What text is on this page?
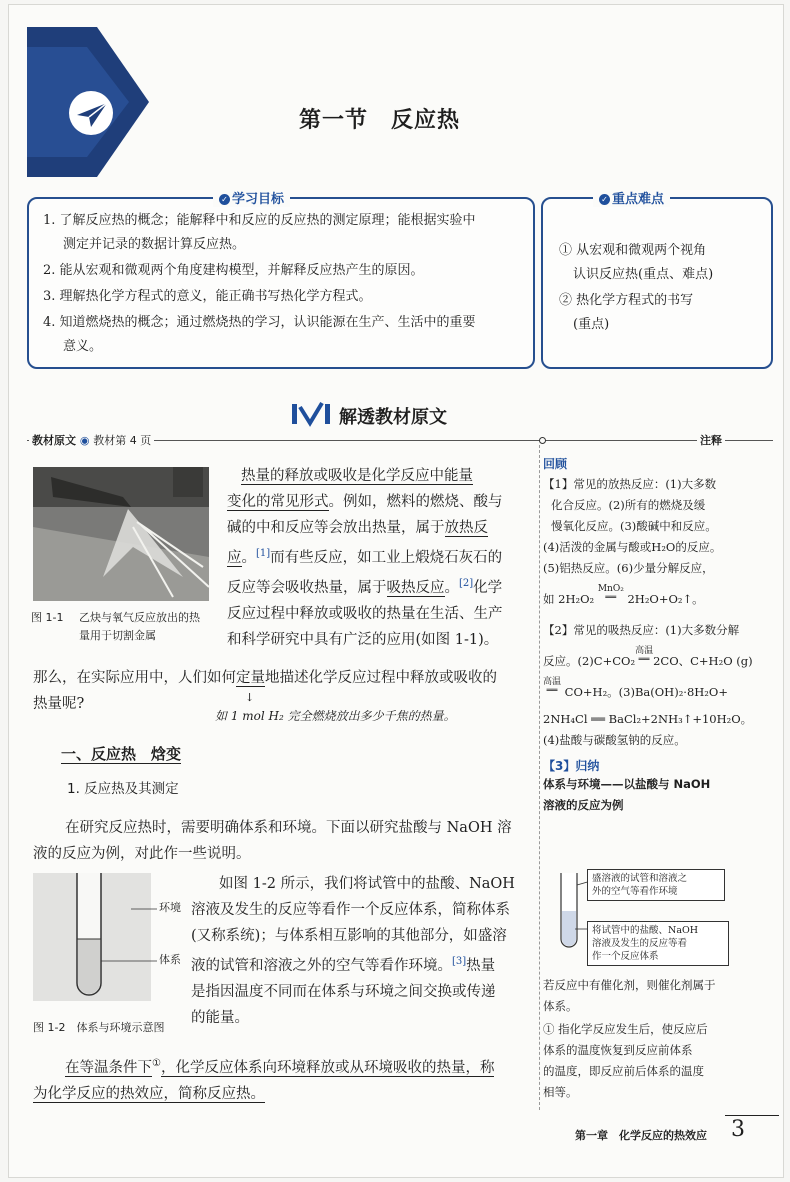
第一节　反应热
✓ 学习目标
1. 了解反应热的概念；能解释中和反应的反应热的测定原理；能根据实验中
测定并记录的数据计算反应热。
2. 能从宏观和微观两个角度建构模型，并解释反应热产生的原因。
3. 理解热化学方程式的意义，能正确书写热化学方程式。
4. 知道燃烧热的概念；通过燃烧热的学习，认识能源在生产、生活中的重要
意义。
✓ 重点难点
① 从宏观和微观两个视角
认识反应热(重点、难点)
② 热化学方程式的书写
(重点)
解透教材原文
教材原文 ◉ 教材第 4 页	注释
图 1-1 乙炔与氧气反应放出的热
量用于切割金属
热量的释放或吸收是化学反应中能量
变化的常见形式。例如，燃料的燃烧、酸与
碱的中和反应等会放出热量，属于放热反
应。[1]而有些反应，如工业上煅烧石灰石的
反应等会吸收热量，属于吸热反应。[2]化学
反应过程中释放或吸收的热量在生活、生产
和科学研究中具有广泛的应用(如图 1-1)。
那么，在实际应用中，人们如何定量地描述化学反应过程中释放或吸收的
热量呢?	↓
如 1 mol H₂ 完全燃烧放出多少千焦的热量。
一、反应热　焓变
1. 反应热及其测定
在研究反应热时，需要明确体系和环境。下面以研究盐酸与 NaOH 溶
液的反应为例，对此作一些说明。
环境
体系
图 1-2　体系与环境示意图
如图 1-2 所示，我们将试管中的盐酸、NaOH
溶液及发生的反应等看作一个反应体系，简称体系
(又称系统)；与体系相互影响的其他部分，如盛溶
液的试管和溶液之外的空气等看作环境。[3]热量
是指因温度不同而在体系与环境之间交换或传递
的能量。
在等温条件下①，化学反应体系向环境释放或从环境吸收的热量，称
为化学反应的热效应，简称反应热。
回顾
【1】常见的放热反应：(1)大多数
化合反应。(2)所有的燃烧及缓
慢氧化反应。(3)酸碱中和反应。
(4)活泼的金属与酸或H₂O的反应。
(5)铝热反应。(6)少量分解反应，
如 2H₂O₂ MnO₂
══ 2H₂O+O₂↑。
【2】常见的吸热反应：(1)大多数分解
反应。(2)C+CO₂高温
══ 2CO、C+H₂O (g)
高温
══ CO+H₂。(3)Ba(OH)₂·8H₂O+
2NH₄Cl ══ BaCl₂+2NH₃↑+10H₂O。
(4)盐酸与碳酸氢钠的反应。
【3】归纳
体系与环境——以盐酸与 NaOH
溶液的反应为例
盛溶液的试管和溶液之
外的空气等看作环境
将试管中的盐酸、NaOH
溶液及发生的反应等看
作一个反应体系
若反应中有催化剂，则催化剂属于
体系。
① 指化学反应发生后，使反应后
体系的温度恢复到反应前体系
的温度，即反应前后体系的温度
相等。
第一章　化学反应的热效应 3
